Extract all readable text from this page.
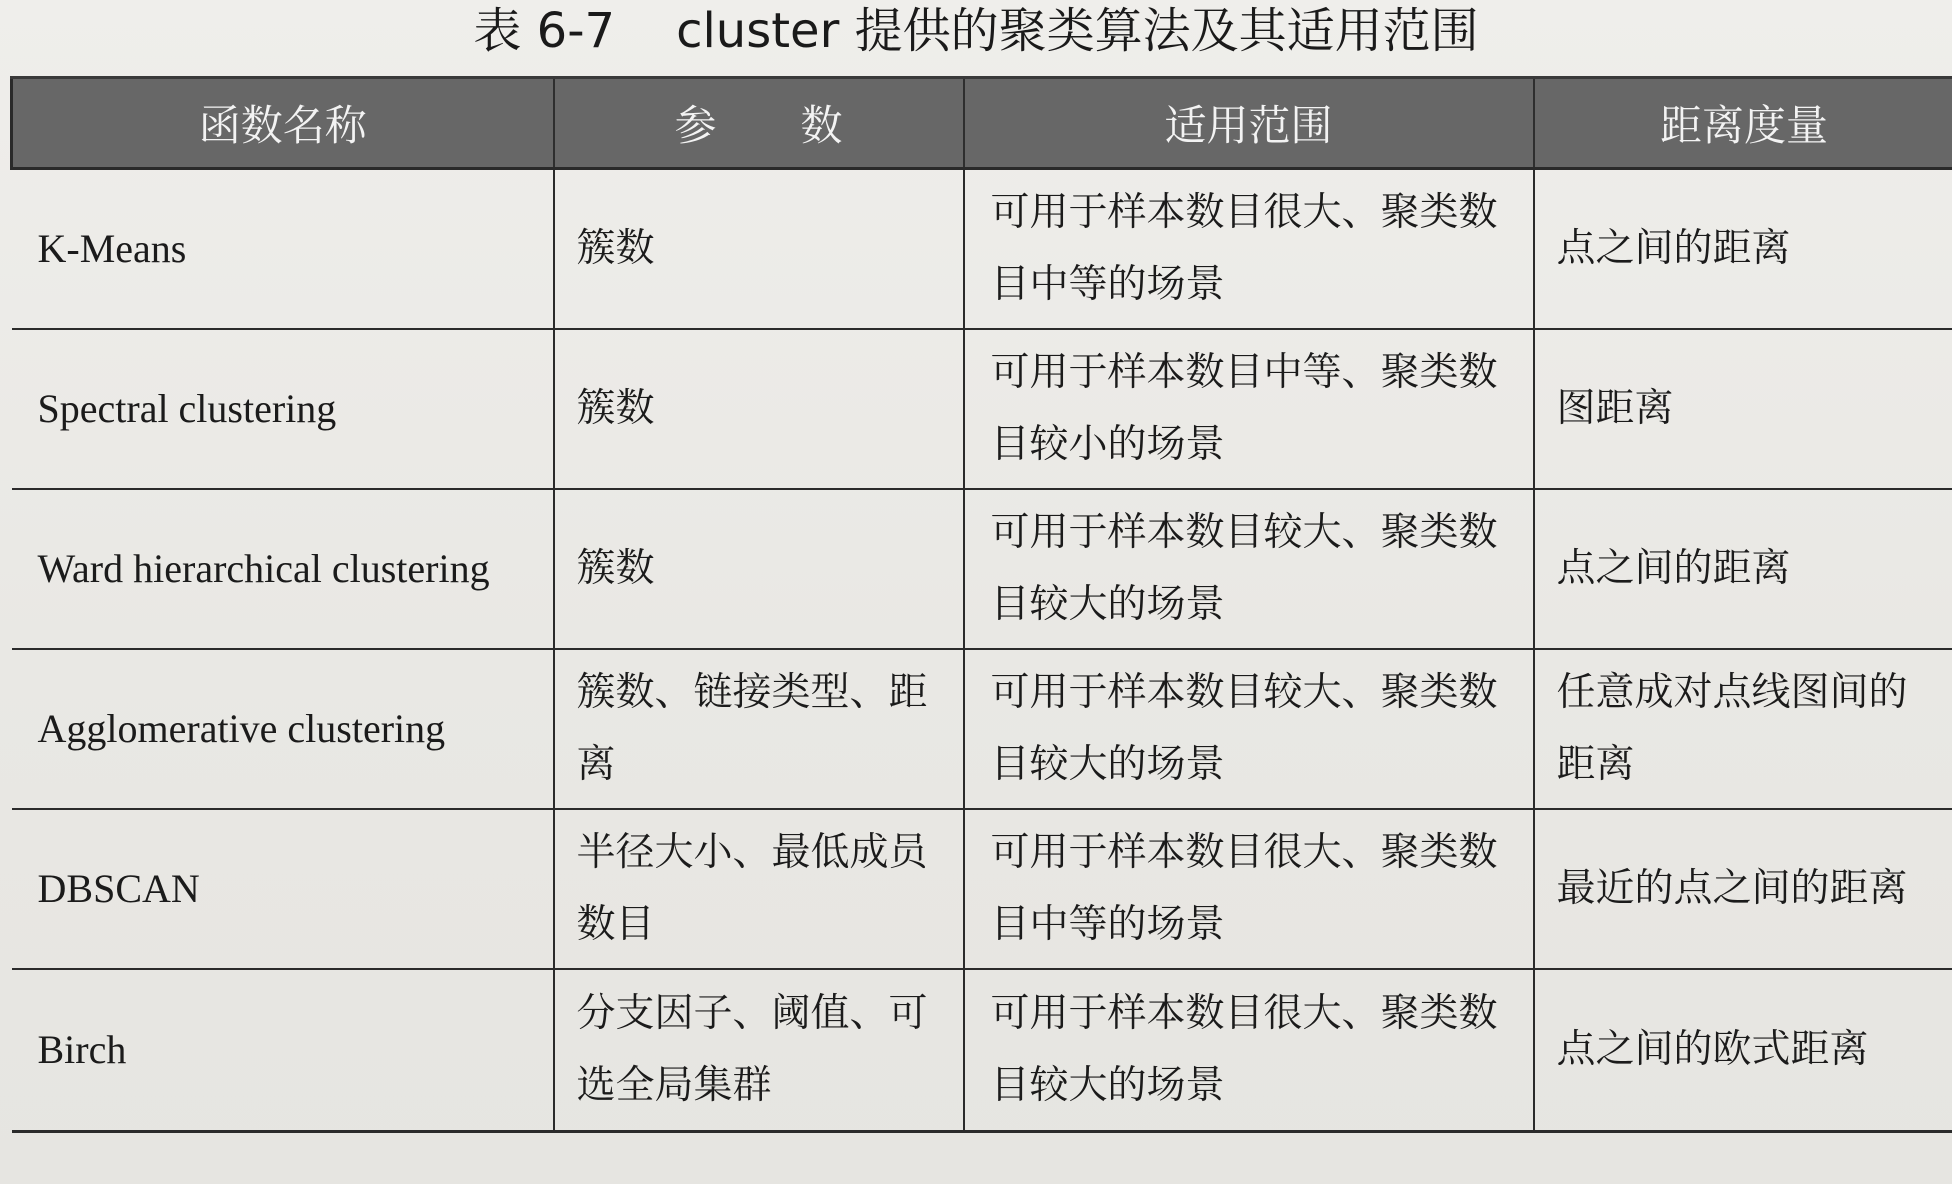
表 6-7    cluster 提供的聚类算法及其适用范围
函数名称	参　　数	适用范围	距离度量
K-Means	簇数	可用于样本数目很大、聚类数目中等的场景	点之间的距离
Spectral clustering	簇数	可用于样本数目中等、聚类数目较小的场景	图距离
Ward hierarchical clustering	簇数	可用于样本数目较大、聚类数目较大的场景	点之间的距离
Agglomerative clustering	簇数、链接类型、距离	可用于样本数目较大、聚类数目较大的场景	任意成对点线图间的距离
DBSCAN	半径大小、最低成员数目	可用于样本数目很大、聚类数目中等的场景	最近的点之间的距离
Birch	分支因子、阈值、可选全局集群	可用于样本数目很大、聚类数目较大的场景	点之间的欧式距离
